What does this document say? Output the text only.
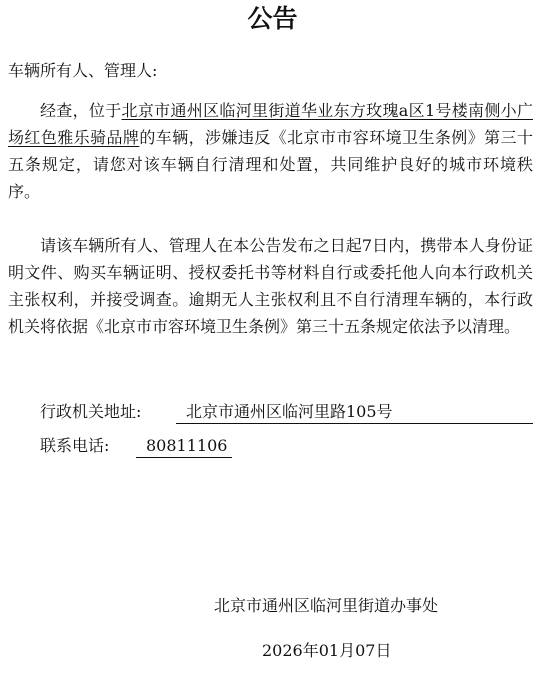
公告
车辆所有人、管理人:
经查，位于北京市通州区临河里街道华业东方玫瑰a区1号楼南侧小广场红色雅乐骑品牌的车辆，涉嫌违反《北京市市容环境卫生条例》第三十五条规定，请您对该车辆自行清理和处置，共同维护良好的城市环境秩序。
请该车辆所有人、管理人在本公告发布之日起7日内，携带本人身份证明文件、购买车辆证明、授权委托书等材料自行或委托他人向本行政机关主张权利，并接受调查。逾期无人主张权利且不自行清理车辆的，本行政机关将依据《北京市市容环境卫生条例》第三十五条规定依法予以清理。
行政机关地址:	北京市通州区临河里路105号
联系电话:	80811106
北京市通州区临河里街道办事处
2026年01月07日
